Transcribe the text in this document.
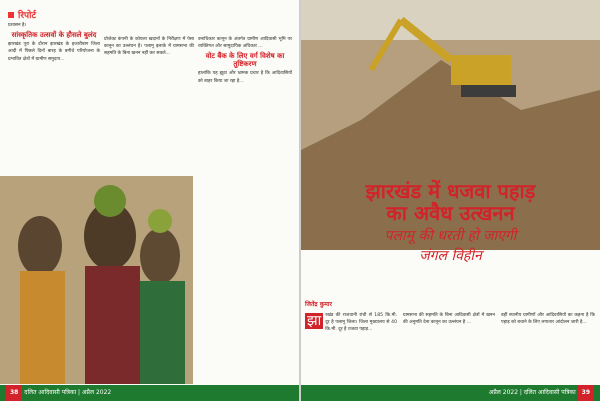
रिपोर्ट

प्रशासन है।

सांस्कृतिक उत्सवों के हौसले बुलंद

झारखंड पूरा के दौरान झारखंड के हजारीबाग जिला आदी में पिछले दिनों बारह के बगीचे परियोजना के प्रभावित क्षेत्रों में ग्रामीण समुदाय...

प्रोजेक्ट कंपनी के कोयला खदानों के निरीक्षण में पेसा कानून का उल्लंघन है। पलामू इलाके में ग्रामसभा की सहमति के बिना खनन नहीं कर सकते...

वनाधिकार कानून के अंतर्गत ग्रामीण आदिवासी भूमि पर व्यक्तिगत और सामुदायिक अधिकार ...

वोट बैंक के लिए वर्ग विशेष का तुष्टिकरण

हालांकि यह झूठा और भ्रामक प्रचार है कि आदिवासियों को बाहर किया जा रहा है...

38 दलित आदिवासी पत्रिका | अप्रैल 2022
झारखंड में धजवा पहाड़
का अवैध उत्खनन
पलामू की धरती हो जाएगी
जंगल विहीन
जितेंद्र कुमार
झा रखंड की राजधानी रांची से 185 कि.मी. दूर है पलामू जिला। जिला मुख्यालय से 40 कि.मी. दूर है धजवा पहाड़...

ग्रामसभा की सहमति के बिना आदिवासी क्षेत्रों में खनन की अनुमति देना कानून का उल्लंघन है ...

वहीं स्थानीय ग्रामीणों और आदिवासियों का कहना है कि पहाड़ को बचाने के लिए लगातार आंदोलन जारी है...

अप्रैल 2022 | दलित आदिवासी पत्रिका 39
